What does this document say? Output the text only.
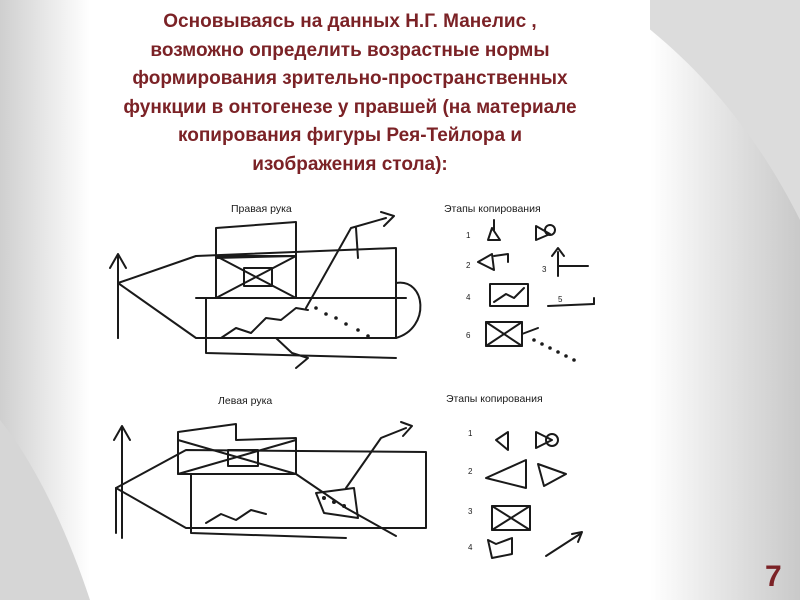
Основываясь на данных Н.Г. Манелис ,
возможно определить возрастные нормы
формирования зрительно-пространственных
функции в онтогенезе у правшей (на материале
копирования фигуры Рея-Тейлора и
изображения стола):
Правая рука
Левая рука
Этапы копирования
Этапы копирования
1
2	3
4	5
6
1
2
3
4
7
